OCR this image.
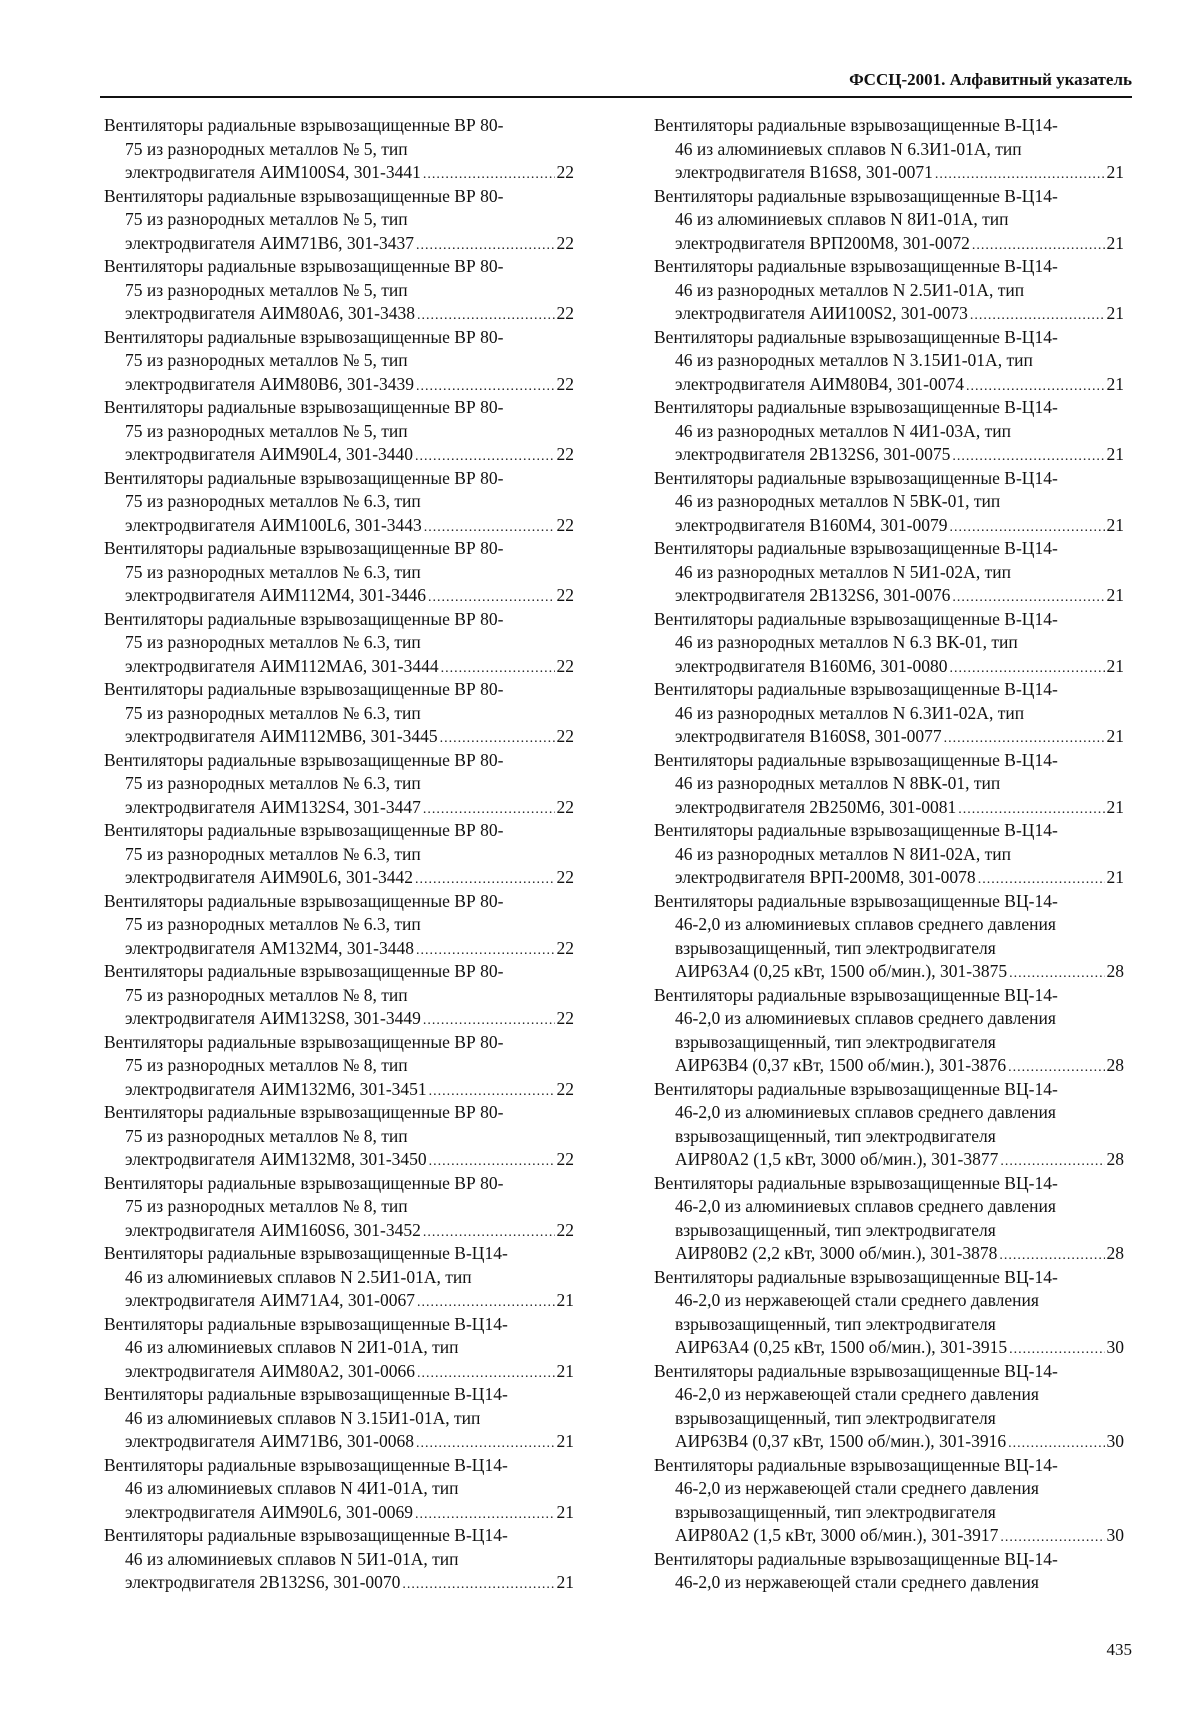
ФССЦ-2001. Алфавитный указатель
Вентиляторы радиальные взрывозащищенные ВР 80-
75 из разнородных металлов № 5, тип
электродвигателя АИМ100S4, 301-3441 .....	22
Вентиляторы радиальные взрывозащищенные ВР 80-
75 из разнородных металлов № 5, тип
электродвигателя АИМ71В6, 301-3437 .....	22
Вентиляторы радиальные взрывозащищенные ВР 80-
75 из разнородных металлов № 5, тип
электродвигателя АИМ80А6, 301-3438 .....	22
Вентиляторы радиальные взрывозащищенные ВР 80-
75 из разнородных металлов № 5, тип
электродвигателя АИМ80В6, 301-3439 .....	22
Вентиляторы радиальные взрывозащищенные ВР 80-
75 из разнородных металлов № 5, тип
электродвигателя АИМ90L4, 301-3440 .....	22
Вентиляторы радиальные взрывозащищенные ВР 80-
75 из разнородных металлов № 6.3, тип
электродвигателя АИМ100L6, 301-3443 .....	22
Вентиляторы радиальные взрывозащищенные ВР 80-
75 из разнородных металлов № 6.3, тип
электродвигателя АИМ112М4, 301-3446 .....	22
Вентиляторы радиальные взрывозащищенные ВР 80-
75 из разнородных металлов № 6.3, тип
электродвигателя АИМ112МА6, 301-3444 .....	22
Вентиляторы радиальные взрывозащищенные ВР 80-
75 из разнородных металлов № 6.3, тип
электродвигателя АИМ112МВ6, 301-3445 .....	22
Вентиляторы радиальные взрывозащищенные ВР 80-
75 из разнородных металлов № 6.3, тип
электродвигателя АИМ132S4, 301-3447 .....	22
Вентиляторы радиальные взрывозащищенные ВР 80-
75 из разнородных металлов № 6.3, тип
электродвигателя АИМ90L6, 301-3442 .....	22
Вентиляторы радиальные взрывозащищенные ВР 80-
75 из разнородных металлов № 6.3, тип
электродвигателя АМ132М4, 301-3448 .....	22
Вентиляторы радиальные взрывозащищенные ВР 80-
75 из разнородных металлов № 8, тип
электродвигателя АИМ132S8, 301-3449 .....	22
Вентиляторы радиальные взрывозащищенные ВР 80-
75 из разнородных металлов № 8, тип
электродвигателя АИМ132М6, 301-3451 .....	22
Вентиляторы радиальные взрывозащищенные ВР 80-
75 из разнородных металлов № 8, тип
электродвигателя АИМ132М8, 301-3450 .....	22
Вентиляторы радиальные взрывозащищенные ВР 80-
75 из разнородных металлов № 8, тип
электродвигателя АИМ160S6, 301-3452 .....	22
Вентиляторы радиальные взрывозащищенные В-Ц14-
46 из алюминиевых сплавов N 2.5И1-01А, тип
электродвигателя АИМ71А4, 301-0067 .....	21
Вентиляторы радиальные взрывозащищенные В-Ц14-
46 из алюминиевых сплавов N 2И1-01А, тип
электродвигателя АИМ80А2, 301-0066 .....	21
Вентиляторы радиальные взрывозащищенные В-Ц14-
46 из алюминиевых сплавов N 3.15И1-01А, тип
электродвигателя АИМ71В6, 301-0068 .....	21
Вентиляторы радиальные взрывозащищенные В-Ц14-
46 из алюминиевых сплавов N 4И1-01А, тип
электродвигателя АИМ90L6, 301-0069 .....	21
Вентиляторы радиальные взрывозащищенные В-Ц14-
46 из алюминиевых сплавов N 5И1-01А, тип
электродвигателя 2В132S6, 301-0070 .....	21
Вентиляторы радиальные взрывозащищенные В-Ц14-
46 из алюминиевых сплавов N 6.3И1-01А, тип
электродвигателя В16S8, 301-0071 .....	21
Вентиляторы радиальные взрывозащищенные В-Ц14-
46 из алюминиевых сплавов N 8И1-01А, тип
электродвигателя ВРП200М8, 301-0072 .....	21
Вентиляторы радиальные взрывозащищенные В-Ц14-
46 из разнородных металлов N 2.5И1-01А, тип
электродвигателя АИИ100S2, 301-0073 .....	21
Вентиляторы радиальные взрывозащищенные В-Ц14-
46 из разнородных металлов N 3.15И1-01А, тип
электродвигателя АИМ80В4, 301-0074 .....	21
Вентиляторы радиальные взрывозащищенные В-Ц14-
46 из разнородных металлов N 4И1-03А, тип
электродвигателя 2В132S6, 301-0075 .....	21
Вентиляторы радиальные взрывозащищенные В-Ц14-
46 из разнородных металлов N 5ВК-01, тип
электродвигателя В160М4, 301-0079 .....	21
Вентиляторы радиальные взрывозащищенные В-Ц14-
46 из разнородных металлов N 5И1-02А, тип
электродвигателя 2В132S6, 301-0076 .....	21
Вентиляторы радиальные взрывозащищенные В-Ц14-
46 из разнородных металлов N 6.3 ВК-01, тип
электродвигателя В160М6, 301-0080 .....	21
Вентиляторы радиальные взрывозащищенные В-Ц14-
46 из разнородных металлов N 6.3И1-02А, тип
электродвигателя В160S8, 301-0077 .....	21
Вентиляторы радиальные взрывозащищенные В-Ц14-
46 из разнородных металлов N 8ВК-01, тип
электродвигателя 2В250М6, 301-0081 .....	21
Вентиляторы радиальные взрывозащищенные В-Ц14-
46 из разнородных металлов N 8И1-02А, тип
электродвигателя ВРП-200М8, 301-0078 .....	21
Вентиляторы радиальные взрывозащищенные ВЦ-14-
46-2,0 из алюминиевых сплавов среднего давления
взрывозащищенный, тип электродвигателя
АИР63А4 (0,25 кВт, 1500 об/мин.), 301-3875 .....	28
Вентиляторы радиальные взрывозащищенные ВЦ-14-
46-2,0 из алюминиевых сплавов среднего давления
взрывозащищенный, тип электродвигателя
АИР63В4 (0,37 кВт, 1500 об/мин.), 301-3876 .....	28
Вентиляторы радиальные взрывозащищенные ВЦ-14-
46-2,0 из алюминиевых сплавов среднего давления
взрывозащищенный, тип электродвигателя
АИР80А2 (1,5 кВт, 3000 об/мин.), 301-3877 .....	28
Вентиляторы радиальные взрывозащищенные ВЦ-14-
46-2,0 из алюминиевых сплавов среднего давления
взрывозащищенный, тип электродвигателя
АИР80В2 (2,2 кВт, 3000 об/мин.), 301-3878 .....	28
Вентиляторы радиальные взрывозащищенные ВЦ-14-
46-2,0 из нержавеющей стали среднего давления
взрывозащищенный, тип электродвигателя
АИР63А4 (0,25 кВт, 1500 об/мин.), 301-3915 .....	30
Вентиляторы радиальные взрывозащищенные ВЦ-14-
46-2,0 из нержавеющей стали среднего давления
взрывозащищенный, тип электродвигателя
АИР63В4 (0,37 кВт, 1500 об/мин.), 301-3916 .....	30
Вентиляторы радиальные взрывозащищенные ВЦ-14-
46-2,0 из нержавеющей стали среднего давления
взрывозащищенный, тип электродвигателя
АИР80А2 (1,5 кВт, 3000 об/мин.), 301-3917 .....	30
Вентиляторы радиальные взрывозащищенные ВЦ-14-
46-2,0 из нержавеющей стали среднего давления
435
